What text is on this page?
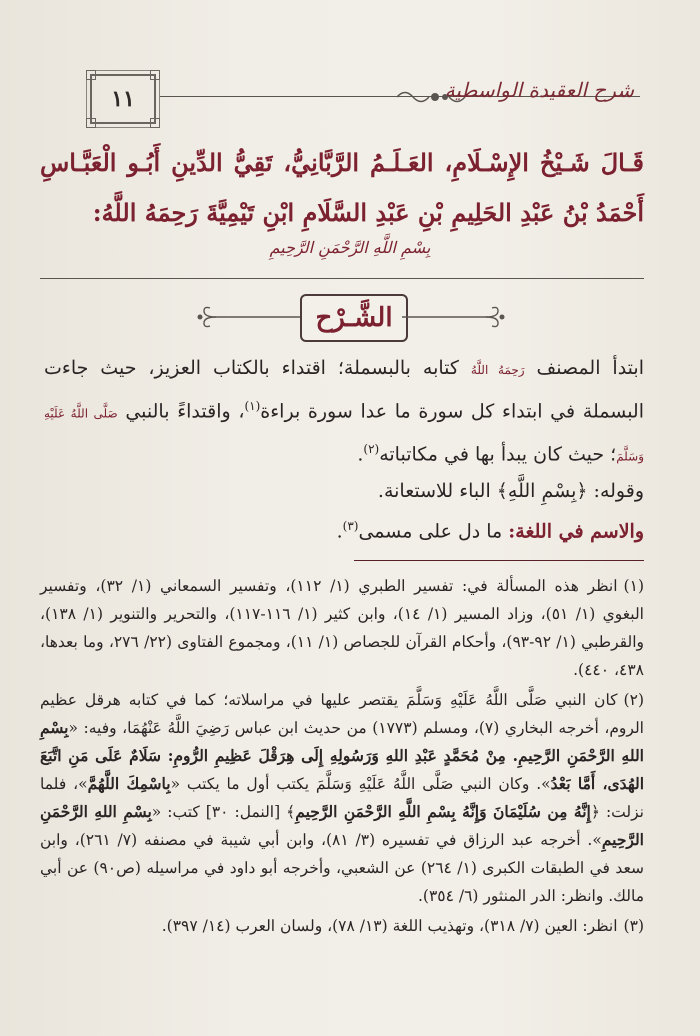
١١	شرح العقيدة الواسطية
قَـالَ شَـيْخُ الإِسْـلَامِ، العَـلَـمُ الرَّبَّانِيُّ، تَقِيُّ الدِّينِ أَبُـو الْعَبَّـاسِ أَحْمَدُ بْنُ عَبْدِ الحَلِيمِ بْنِ عَبْدِ السَّلَامِ ابْنِ تَيْمِيَّةَ رَحِمَهُ اللَّهُ:
بِسْمِ اللَّهِ الرَّحْمَنِ الرَّحِيمِ
الشَّـرْح

ابتدأ المصنف رَحِمَهُ اللَّهُ كتابه بالبسملة؛ اقتداء بالكتاب العزيز، حيث جاءت البسملة في ابتداء كل سورة ما عدا سورة براءة$^{(١)}$، واقتداءً بالنبي صَلَّى اللَّهُ عَلَيْهِ وَسَلَّمَ؛ حيث كان يبدأ بها في مكاتباته$^{(٢)}$.

وقوله: ﴿بِسْمِ اللَّهِ﴾ الباء للاستعانة.
والاسم في اللغة: ما دل على مسمى$^{(٣)}$.

(١)انظر هذه المسألة في: تفسير الطبري (١/ ١١٢)، وتفسير السمعاني (١/ ٣٢)، وتفسير البغوي (١/ ٥١)، وزاد المسير (١/ ١٤)، وابن كثير (١/ ١١٦-١١٧)، والتحرير والتنوير (١/ ١٣٨)، والقرطبي (١/ ٩٢-٩٣)، وأحكام القرآن للجصاص (١/ ١١)، ومجموع الفتاوى (٢٢/ ٢٧٦، وما بعدها، ٤٣٨، ٤٤٠).

(٢)كان النبي صَلَّى اللَّهُ عَلَيْهِ وَسَلَّمَ يقتصر عليها في مراسلاته؛ كما في كتابه هرقل عظيم الروم، أخرجه البخاري (٧)، ومسلم (١٧٧٣) من حديث ابن عباس رَضِيَ اللَّهُ عَنْهُمَا، وفيه: «بِسْمِ اللهِ الرَّحْمَنِ الرَّحِيمِ. مِنْ مُحَمَّدٍ عَبْدِ اللهِ وَرَسُولِهِ إِلَى هِرَقْلَ عَظِيمِ الرُّومِ: سَلَامٌ عَلَى مَنِ اتَّبَعَ الهُدَى، أَمَّا بَعْدُ». وكان النبي صَلَّى اللَّهُ عَلَيْهِ وَسَلَّمَ يكتب أول ما يكتب «بِاسْمِكَ اللَّهُمَّ»، فلما نزلت: ﴿إِنَّهُ مِن سُلَيْمَانَ وَإِنَّهُ بِسْمِ اللَّهِ الرَّحْمَنِ الرَّحِيمِ﴾ [النمل: ٣٠] كتب: «بِسْمِ اللهِ الرَّحْمَنِ الرَّحِيمِ». أخرجه عبد الرزاق في تفسيره (٣/ ٨١)، وابن أبي شيبة في مصنفه (٧/ ٢٦١)، وابن سعد في الطبقات الكبرى (١/ ٢٦٤) عن الشعبي، وأخرجه أبو داود في مراسيله (ص٩٠) عن أبي مالك. وانظر: الدر المنثور (٦/ ٣٥٤).

(٣)انظر: العين (٧/ ٣١٨)، وتهذيب اللغة (١٣/ ٧٨)، ولسان العرب (١٤/ ٣٩٧).
